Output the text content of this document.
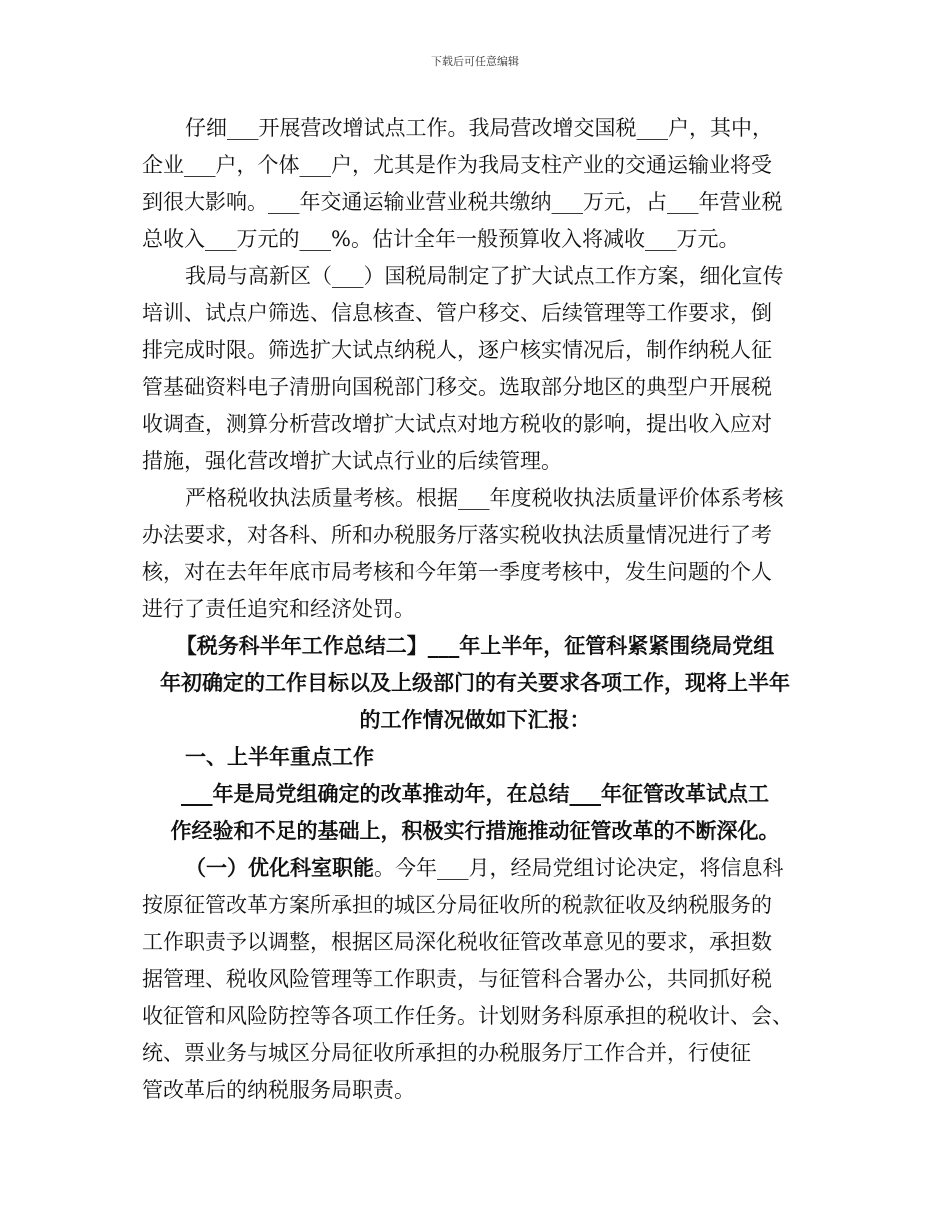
下载后可任意编辑
仔细___开展营改增试点工作。我局营改增交国税___户，其中，
企业___户，个体___户，尤其是作为我局支柱产业的交通运输业将受
到很大影响。___年交通运输业营业税共缴纳___万元，占___年营业税
总收入___万元的___%。估计全年一般预算收入将减收___万元。
我局与高新区（___）国税局制定了扩大试点工作方案，细化宣传
培训、试点户筛选、信息核查、管户移交、后续管理等工作要求，倒
排完成时限。筛选扩大试点纳税人，逐户核实情况后，制作纳税人征
管基础资料电子清册向国税部门移交。选取部分地区的典型户开展税
收调查，测算分析营改增扩大试点对地方税收的影响，提出收入应对
措施，强化营改增扩大试点行业的后续管理。
严格税收执法质量考核。根据___年度税收执法质量评价体系考核
办法要求，对各科、所和办税服务厅落实税收执法质量情况进行了考
核，对在去年年底市局考核和今年第一季度考核中，发生问题的个人
进行了责任追究和经济处罚。
【税务科半年工作总结二】___年上半年，征管科紧紧围绕局党组
年初确定的工作目标以及上级部门的有关要求各项工作，现将上半年
的工作情况做如下汇报：
一、上半年重点工作
___年是局党组确定的改革推动年，在总结___年征管改革试点工
作经验和不足的基础上，积极实行措施推动征管改革的不断深化。
（一）优化科室职能。今年___月，经局党组讨论决定，将信息科
按原征管改革方案所承担的城区分局征收所的税款征收及纳税服务的
工作职责予以调整，根据区局深化税收征管改革意见的要求，承担数
据管理、税收风险管理等工作职责，与征管科合署办公，共同抓好税
收征管和风险防控等各项工作任务。计划财务科原承担的税收计、会、
统、票业务与城区分局征收所承担的办税服务厅工作合并，行使征
管改革后的纳税服务局职责。
